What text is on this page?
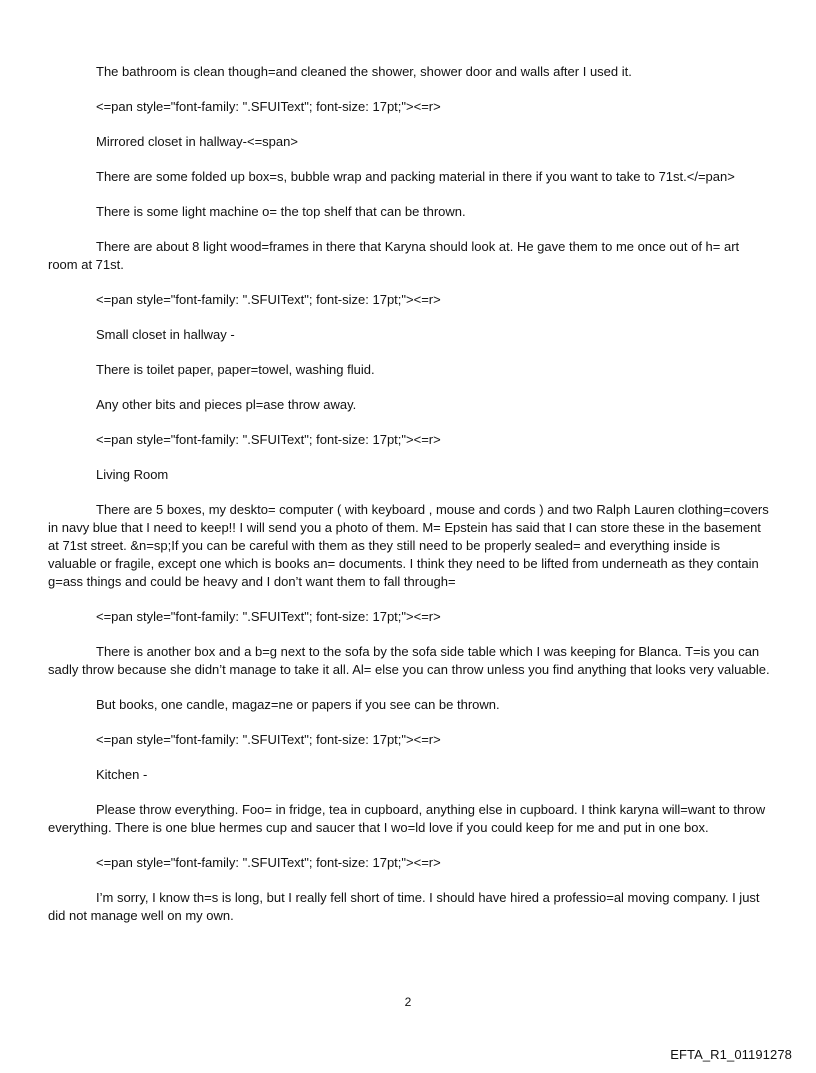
The bathroom is clean though=and cleaned the shower, shower door and walls after I used it.

<=pan style="font-family: ".SFUIText"; font-size: 17pt;"><=r>

Mirrored closet in hallway-<=span>

There are some folded up box=s, bubble wrap and packing material in there if you want to take to 71st.</=pan>

There is some light machine o= the top shelf that can be thrown.

There are about 8 light wood=frames in there that Karyna should look at. He gave them to me once out of h= art room at 71st.

<=pan style="font-family: ".SFUIText"; font-size: 17pt;"><=r>

Small closet in hallway -

There is toilet paper, paper=towel, washing fluid.

Any other bits and pieces pl=ase throw away.

<=pan style="font-family: ".SFUIText"; font-size: 17pt;"><=r>

Living Room

There are 5 boxes, my deskto= computer ( with keyboard , mouse and cords ) and two Ralph Lauren clothing=covers in navy blue that I need to keep!! I will send you a photo of them. M= Epstein has said that I can store these in the basement at 71st street. &n=sp;If you can be careful with them as they still need to be properly sealed= and everything inside is valuable or fragile, except one which is books an= documents. I think they need to be lifted from underneath as they contain g=ass things and could be heavy and I don’t want them to fall through=

<=pan style="font-family: ".SFUIText"; font-size: 17pt;"><=r>

There is another box and a b=g next to the sofa by the sofa side table which I was keeping for Blanca. T=is you can sadly throw because she didn’t manage to take it all. Al= else you can throw unless you find anything that looks very valuable.

But books, one candle, magaz=ne or papers if you see can be thrown.

<=pan style="font-family: ".SFUIText"; font-size: 17pt;"><=r>

Kitchen -

Please throw everything. Foo= in fridge, tea in cupboard, anything else in cupboard. I think karyna will=want to throw everything. There is one blue hermes cup and saucer that I wo=ld love if you could keep for me and put in one box.

<=pan style="font-family: ".SFUIText"; font-size: 17pt;"><=r>

I’m sorry, I know th=s is long, but I really fell short of time. I should have hired a professio=al moving company. I just did not manage well on my own.

2
EFTA_R1_01191278
